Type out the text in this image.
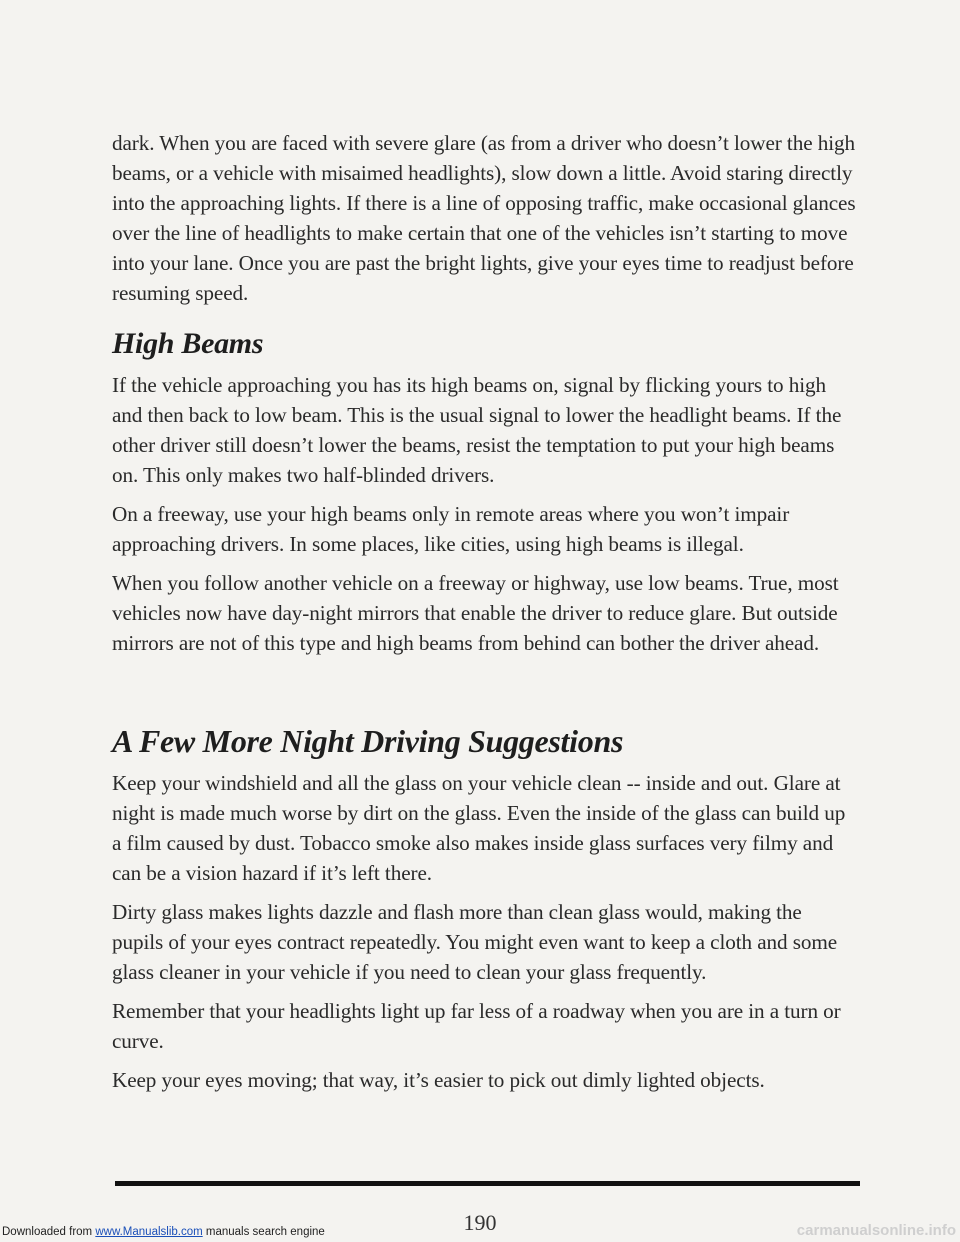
dark. When you are faced with severe glare (as from a driver who doesn’t lower the high beams, or a vehicle with misaimed headlights), slow down a little. Avoid staring directly into the approaching lights. If there is a line of opposing traffic, make occasional glances over the line of headlights to make certain that one of the vehicles isn’t starting to move into your lane. Once you are past the bright lights, give your eyes time to readjust before resuming speed.

High Beams

If the vehicle approaching you has its high beams on, signal by flicking yours to high and then back to low beam. This is the usual signal to lower the headlight beams. If the other driver still doesn’t lower the beams, resist the temptation to put your high beams on. This only makes two half-blinded drivers.

On a freeway, use your high beams only in remote areas where you won’t impair approaching drivers. In some places, like cities, using high beams is illegal.

When you follow another vehicle on a freeway or highway, use low beams. True, most vehicles now have day-night mirrors that enable the driver to reduce glare. But outside mirrors are not of this type and high beams from behind can bother the driver ahead.

A Few More Night Driving Suggestions

Keep your windshield and all the glass on your vehicle clean -- inside and out. Glare at night is made much worse by dirt on the glass. Even the inside of the glass can build up a film caused by dust. Tobacco smoke also makes inside glass surfaces very filmy and can be a vision hazard if it’s left there.

Dirty glass makes lights dazzle and flash more than clean glass would, making the pupils of your eyes contract repeatedly. You might even want to keep a cloth and some glass cleaner in your vehicle if you need to clean your glass frequently.

Remember that your headlights light up far less of a roadway when you are in a turn or curve.

Keep your eyes moving; that way, it’s easier to pick out dimly lighted objects.

190
Downloaded from www.Manualslib.com manuals search engine	carmanualsonline.info
